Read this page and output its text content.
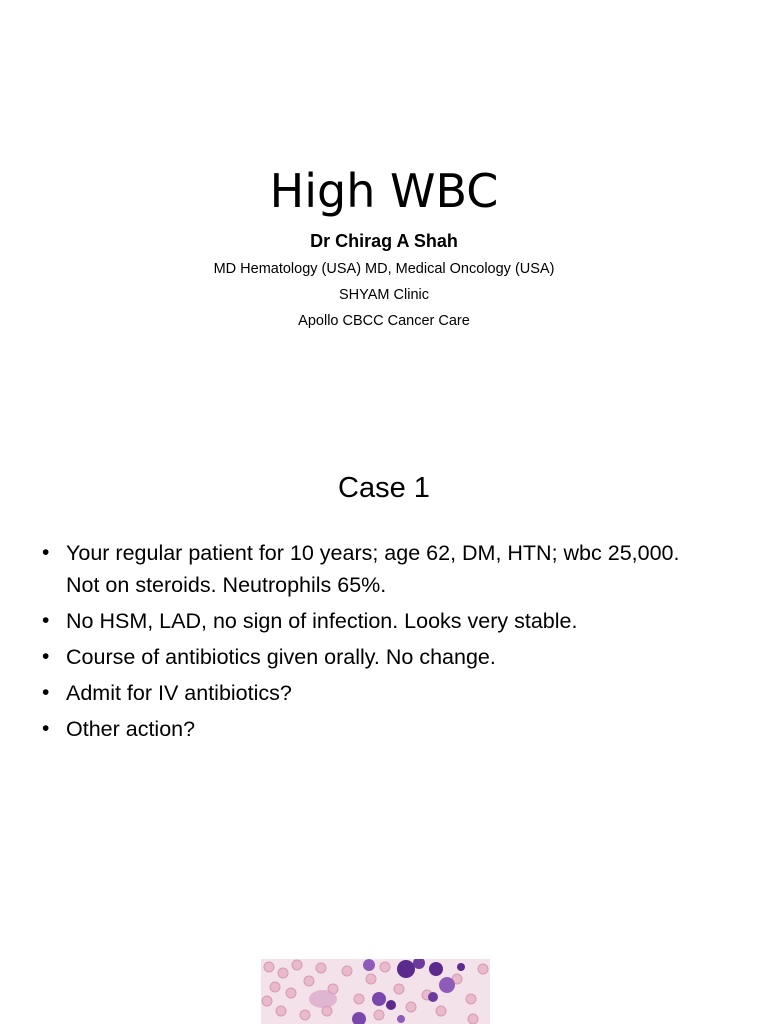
High WBC
Dr Chirag A Shah
MD Hematology (USA) MD, Medical Oncology (USA)
SHYAM Clinic
Apollo CBCC Cancer Care
Case 1
• Your regular patient for 10 years; age 62, DM, HTN; wbc 25,000. Not on steroids. Neutrophils 65%.
• No HSM, LAD, no sign of infection. Looks very stable.
• Course of antibiotics given orally. No change.
• Admit for IV antibiotics?
• Other action?
